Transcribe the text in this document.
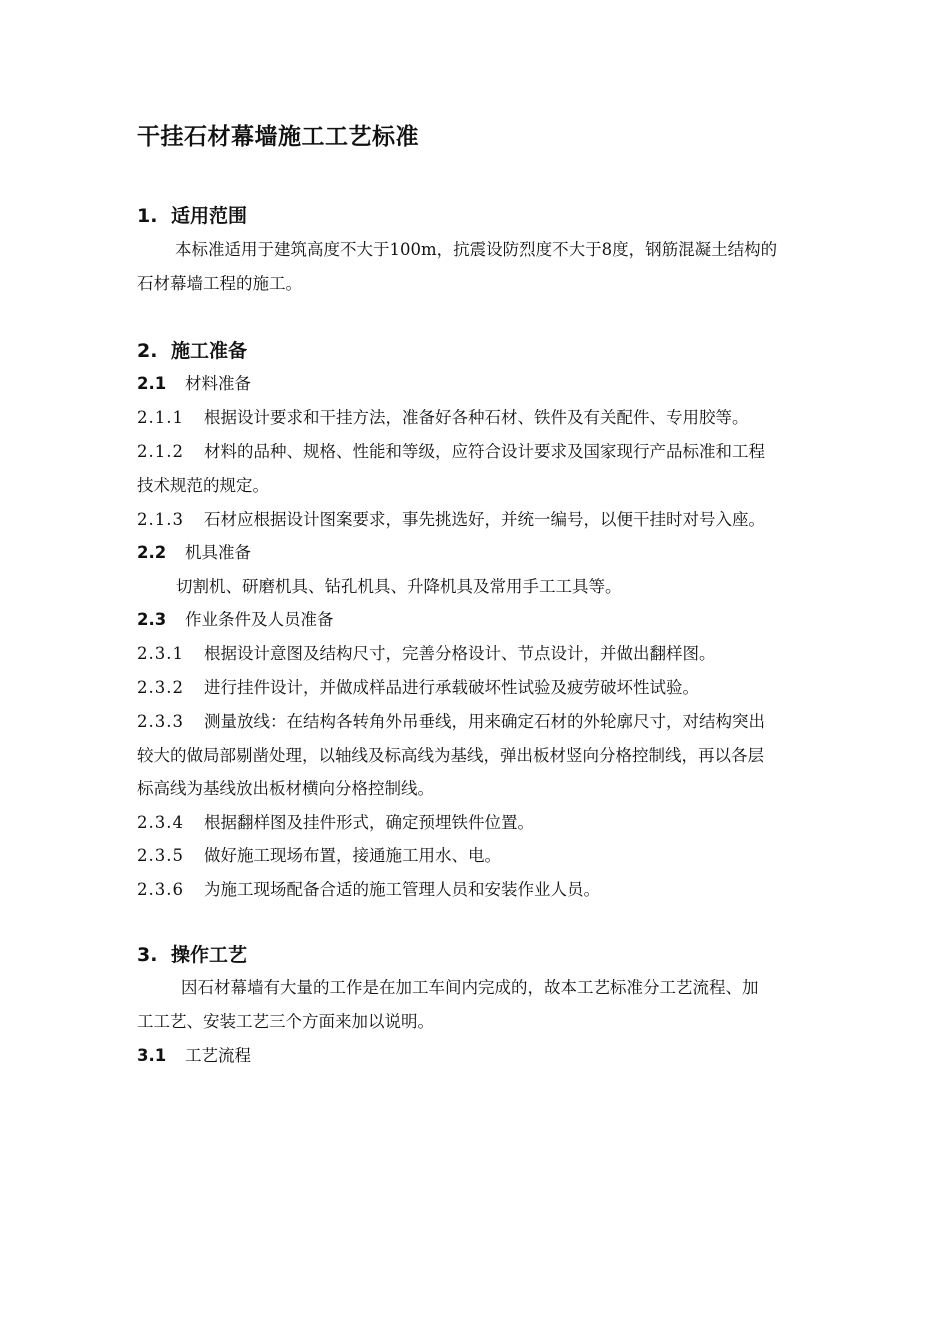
干挂石材幕墙施工工艺标准
1. 适用范围
本标准适用于建筑高度不大于100m，抗震设防烈度不大于8度，钢筋混凝土结构的
石材幕墙工程的施工。
2. 施工准备
2.1 材料准备
2.1.1 根据设计要求和干挂方法，准备好各种石材、铁件及有关配件、专用胶等。
2.1.2 材料的品种、规格、性能和等级，应符合设计要求及国家现行产品标准和工程
技术规范的规定。
2.1.3 石材应根据设计图案要求，事先挑选好，并统一编号，以便干挂时对号入座。
2.2 机具准备
切割机、研磨机具、钻孔机具、升降机具及常用手工工具等。
2.3 作业条件及人员准备
2.3.1 根据设计意图及结构尺寸，完善分格设计、节点设计，并做出翻样图。
2.3.2 进行挂件设计，并做成样品进行承载破坏性试验及疲劳破坏性试验。
2.3.3 测量放线：在结构各转角外吊垂线，用来确定石材的外轮廓尺寸，对结构突出
较大的做局部剔凿处理，以轴线及标高线为基线，弹出板材竖向分格控制线，再以各层
标高线为基线放出板材横向分格控制线。
2.3.4 根据翻样图及挂件形式，确定预埋铁件位置。
2.3.5 做好施工现场布置，接通施工用水、电。
2.3.6 为施工现场配备合适的施工管理人员和安装作业人员。
3. 操作工艺
因石材幕墙有大量的工作是在加工车间内完成的，故本工艺标准分工艺流程、加
工工艺、安装工艺三个方面来加以说明。
3.1 工艺流程
